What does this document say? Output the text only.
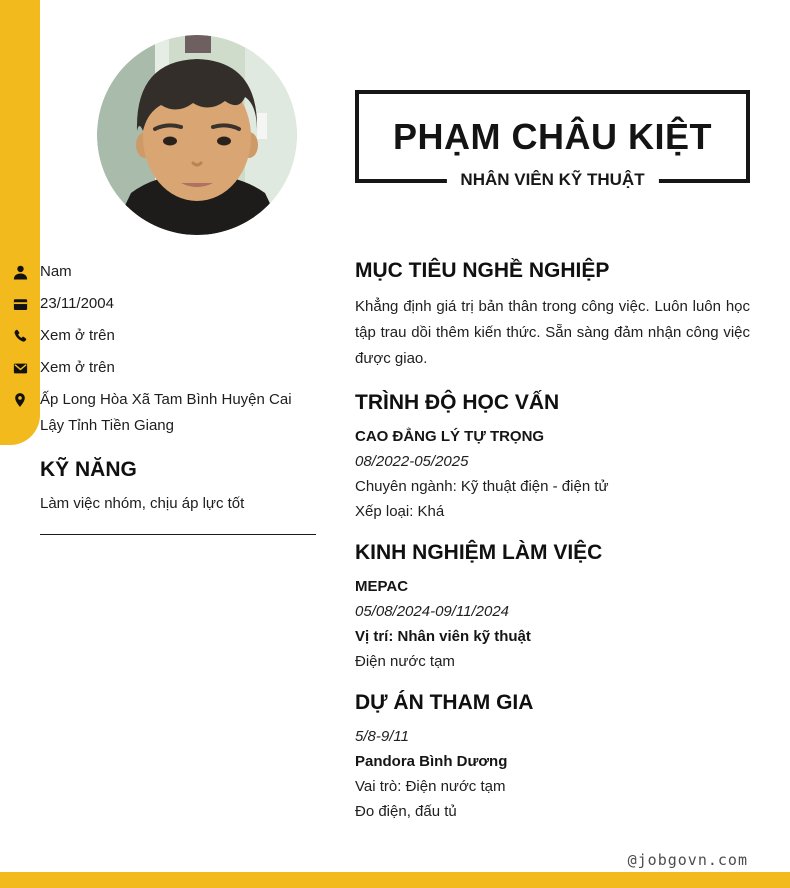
PHẠM CHÂU KIỆT
NHÂN VIÊN KỸ THUẬT
Nam
23/11/2004
Xem ở trên
Xem ở trên
Ấp Long Hòa Xã Tam Bình Huyện Cai Lậy Tỉnh Tiền Giang
KỸ NĂNG
Làm việc nhóm, chịu áp lực tốt
MỤC TIÊU NGHỀ NGHIỆP

Khẳng định giá trị bản thân trong công việc. Luôn luôn học tập trau dồi thêm kiến thức. Sẵn sàng đảm nhận công việc được giao.

TRÌNH ĐỘ HỌC VẤN
CAO ĐẲNG LÝ TỰ TRỌNG
08/2022-05/2025
Chuyên ngành: Kỹ thuật điện - điện tử
Xếp loại: Khá
KINH NGHIỆM LÀM VIỆC
MEPAC
05/08/2024-09/11/2024
Vị trí: Nhân viên kỹ thuật
Điện nước tạm
DỰ ÁN THAM GIA
5/8-9/11
Pandora Bình Dương
Vai trò: Điện nước tạm
Đo điện, đấu tủ
@jobgovn.com
